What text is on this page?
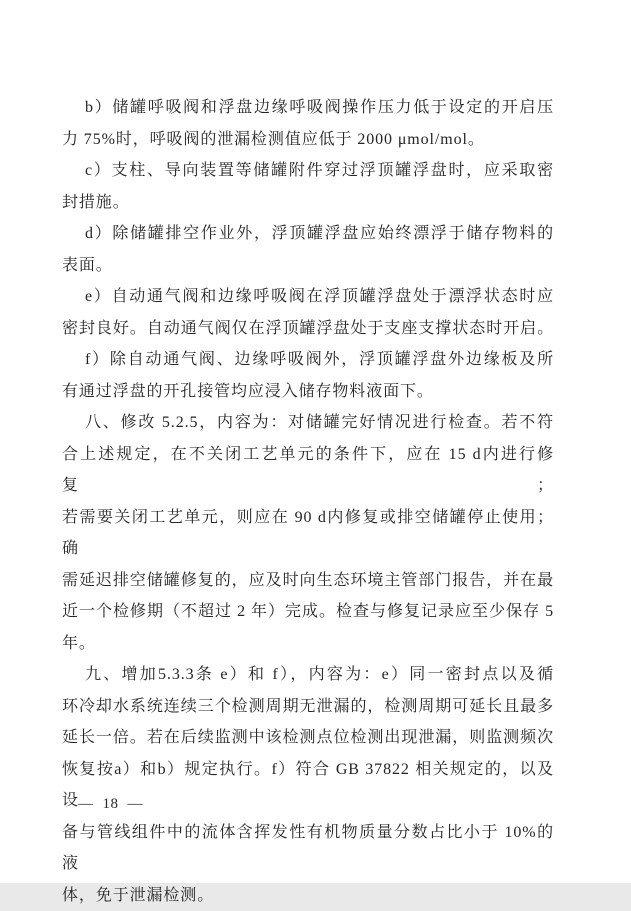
b）储罐呼吸阀和浮盘边缘呼吸阀操作压力低于设定的开启压
力 75%时，呼吸阀的泄漏检测值应低于 2000 μmol/mol。
c）支柱、导向装置等储罐附件穿过浮顶罐浮盘时，应采取密
封措施。
d）除储罐排空作业外，浮顶罐浮盘应始终漂浮于储存物料的
表面。
e）自动通气阀和边缘呼吸阀在浮顶罐浮盘处于漂浮状态时应
密封良好。自动通气阀仅在浮顶罐浮盘处于支座支撑状态时开启。
f）除自动通气阀、边缘呼吸阀外，浮顶罐浮盘外边缘板及所
有通过浮盘的开孔接管均应浸入储存物料液面下。
八、修改 5.2.5，内容为：对储罐完好情况进行检查。若不符
合上述规定，在不关闭工艺单元的条件下，应在 15 d内进行修复；
若需要关闭工艺单元，则应在 90 d内修复或排空储罐停止使用；确
需延迟排空储罐修复的，应及时向生态环境主管部门报告，并在最
近一个检修期（不超过 2 年）完成。检查与修复记录应至少保存 5
年。
九、增加5.3.3条 e）和 f），内容为：e）同一密封点以及循
环冷却水系统连续三个检测周期无泄漏的，检测周期可延长且最多
延长一倍。若在后续监测中该检测点位检测出现泄漏，则监测频次
恢复按a）和b）规定执行。f）符合 GB 37822 相关规定的，以及设
备与管线组件中的流体含挥发性有机物质量分数占比小于 10%的液
体，免于泄漏检测。
— 18 —
